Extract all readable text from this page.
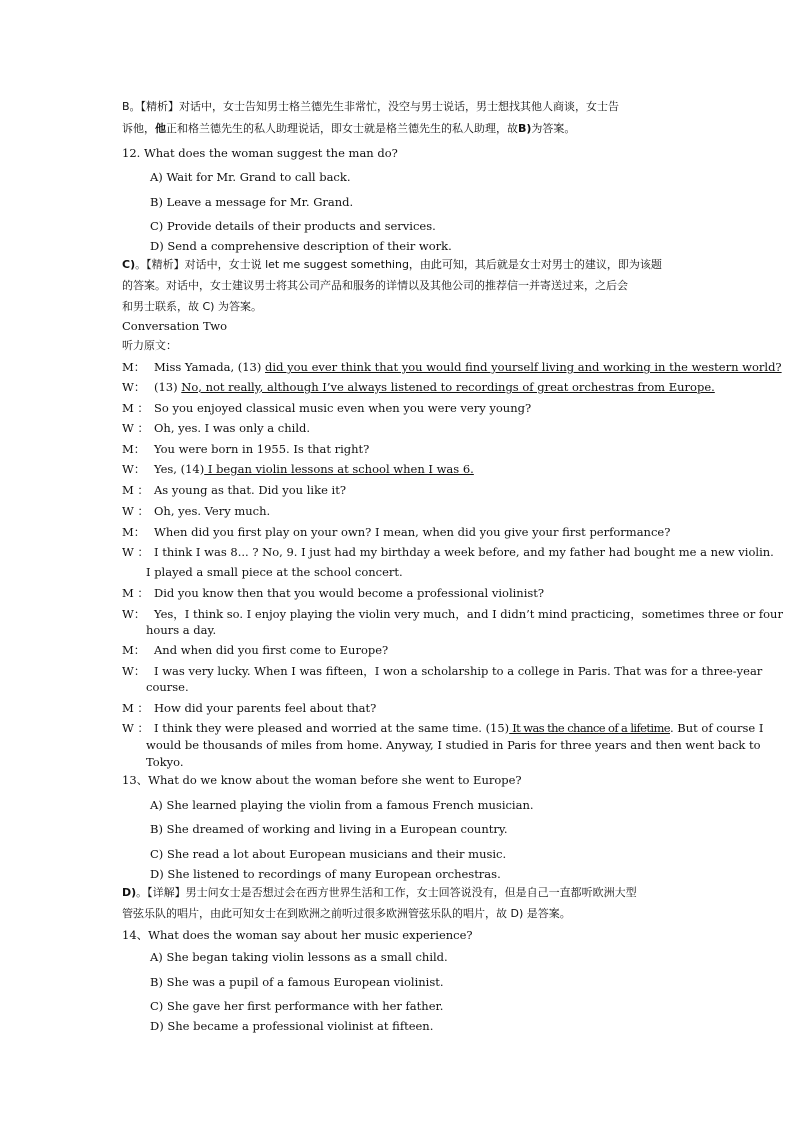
B。【精析】对话中，女士告知男士格兰德先生非常忙，没空与男士说话，男士想找其他人商谈，女士告
诉他，他正和格兰德先生的私人助理说话，即女士就是格兰德先生的私人助理，故B)为答案。
12. What does the woman suggest the man do?
A) Wait for Mr. Grand to call back.
B) Leave a message for Mr. Grand.
C) Provide details of their products and services.
D) Send a comprehensive description of their work.
C)。【精析】对话中，女士说 let me suggest something，由此可知，其后就是女士对男士的建议，即为该题
的答案。对话中，女士建议男士将其公司产品和服务的详情以及其他公司的推荐信一并寄送过来，之后会
和男士联系，故 C) 为答案。
Conversation Two
听力原文：
M： Miss Yamada, (13) did you ever think that you would find yourself living and working in the western world?
W： (13) No, not really, although I’ve always listened to recordings of great orchestras from Europe.
M ： So you enjoyed classical music even when you were very young?
W ： Oh, yes. I was only a child.
M： You were born in 1955. Is that right?
W： Yes, (14) I began violin lessons at school when I was 6.
M ： As young as that. Did you like it?
W ： Oh, yes. Very much.
M： When did you first play on your own? I mean, when did you give your first performance?
W ： I think I was 8... ? No, 9. I just had my birthday a week before, and my father had bought me a new violin.
I played a small piece at the school concert.
M ： Did you know then that you would become a professional violinist?
W： Yes，I think so. I enjoy playing the violin very much，and I didn’t mind practicing，sometimes three or four
hours a day.
M： And when did you first come to Europe?
W： I was very lucky. When I was fifteen，I won a scholarship to a college in Paris. That was for a three-year
course.
M ： How did your parents feel about that?
W ： I think they were pleased and worried at the same time. (15) It was the chance of a lifetime. But of course I
would be thousands of miles from home. Anyway, I studied in Paris for three years and then went back to
Tokyo.
13、What do we know about the woman before she went to Europe?
A) She learned playing the violin from a famous French musician.
B) She dreamed of working and living in a European country.
C) She read a lot about European musicians and their music.
D) She listened to recordings of many European orchestras.
D)。【详解】男士问女士是否想过会在西方世界生活和工作，女士回答说没有，但是自己一直都听欧洲大型
管弦乐队的唱片，由此可知女士在到欧洲之前听过很多欧洲管弦乐队的唱片，故 D) 是答案。
14、What does the woman say about her music experience?
A) She began taking violin lessons as a small child.
B) She was a pupil of a famous European violinist.
C) She gave her first performance with her father.
D) She became a professional violinist at fifteen.
